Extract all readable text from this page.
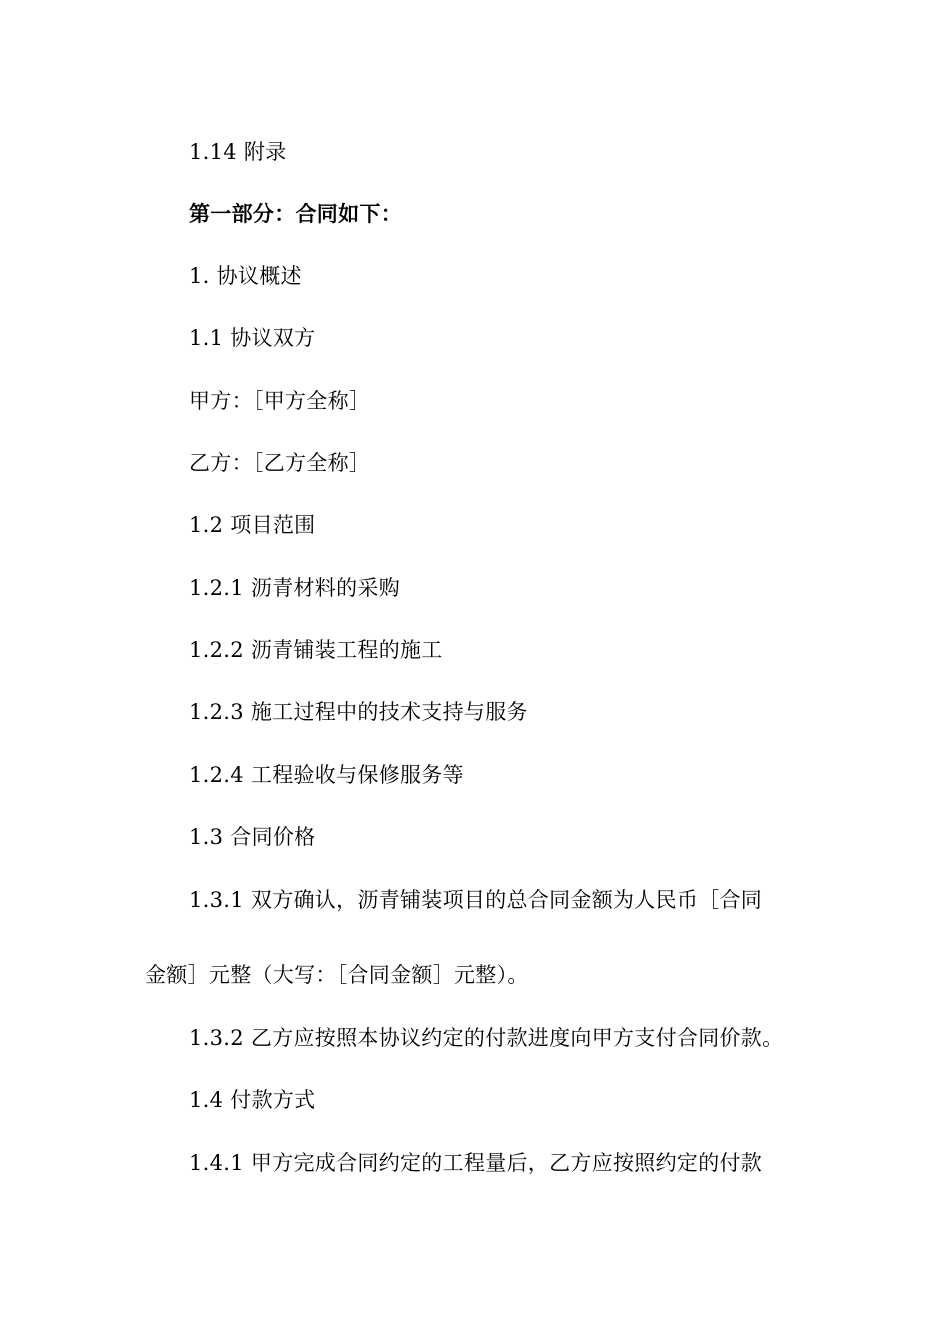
1.14 附录
第一部分：合同如下：
1. 协议概述
1.1 协议双方
甲方：［甲方全称］
乙方：［乙方全称］
1.2 项目范围
1.2.1 沥青材料的采购
1.2.2 沥青铺装工程的施工
1.2.3 施工过程中的技术支持与服务
1.2.4 工程验收与保修服务等
1.3 合同价格
1.3.1 双方确认，沥青铺装项目的总合同金额为人民币［合同
金额］元整（大写：［合同金额］元整）。
1.3.2 乙方应按照本协议约定的付款进度向甲方支付合同价款。
1.4 付款方式
1.4.1 甲方完成合同约定的工程量后，乙方应按照约定的付款
